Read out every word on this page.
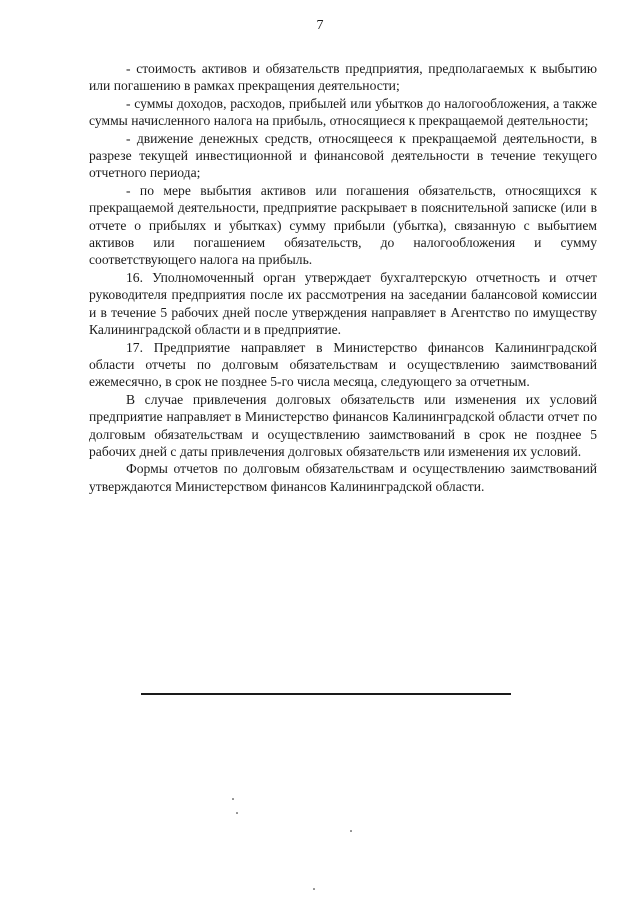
7

- стоимость активов и обязательств предприятия, предполагаемых к выбытию или погашению в рамках прекращения деятельности;

- суммы доходов, расходов, прибылей или убытков до налогообложения, а также суммы начисленного налога на прибыль, относящиеся к прекращаемой деятельности;

- движение денежных средств, относящееся к прекращаемой деятельности, в разрезе текущей инвестиционной и финансовой деятельности в течение текущего отчетного периода;

- по мере выбытия активов или погашения обязательств, относящихся к прекращаемой деятельности, предприятие раскрывает в пояснительной записке (или в отчете о прибылях и убытках) сумму прибыли (убытка), связанную с выбытием активов или погашением обязательств, до налогообложения и сумму соответствующего налога на прибыль.

16. Уполномоченный орган утверждает бухгалтерскую отчетность и отчет руководителя предприятия после их рассмотрения на заседании балансовой комиссии и в течение 5 рабочих дней после утверждения направляет в Агентство по имуществу Калининградской области и в предприятие.

17. Предприятие направляет в Министерство финансов Калининградской области отчеты по долговым обязательствам и осуществлению заимствований ежемесячно, в срок не позднее 5-го числа месяца, следующего за отчетным.

В случае привлечения долговых обязательств или изменения их условий предприятие направляет в Министерство финансов Калининградской области отчет по долговым обязательствам и осуществлению заимствований в срок не позднее 5 рабочих дней с даты привлечения долговых обязательств или изменения их условий.

Формы отчетов по долговым обязательствам и осуществлению заимствований утверждаются Министерством финансов Калининградской области.
